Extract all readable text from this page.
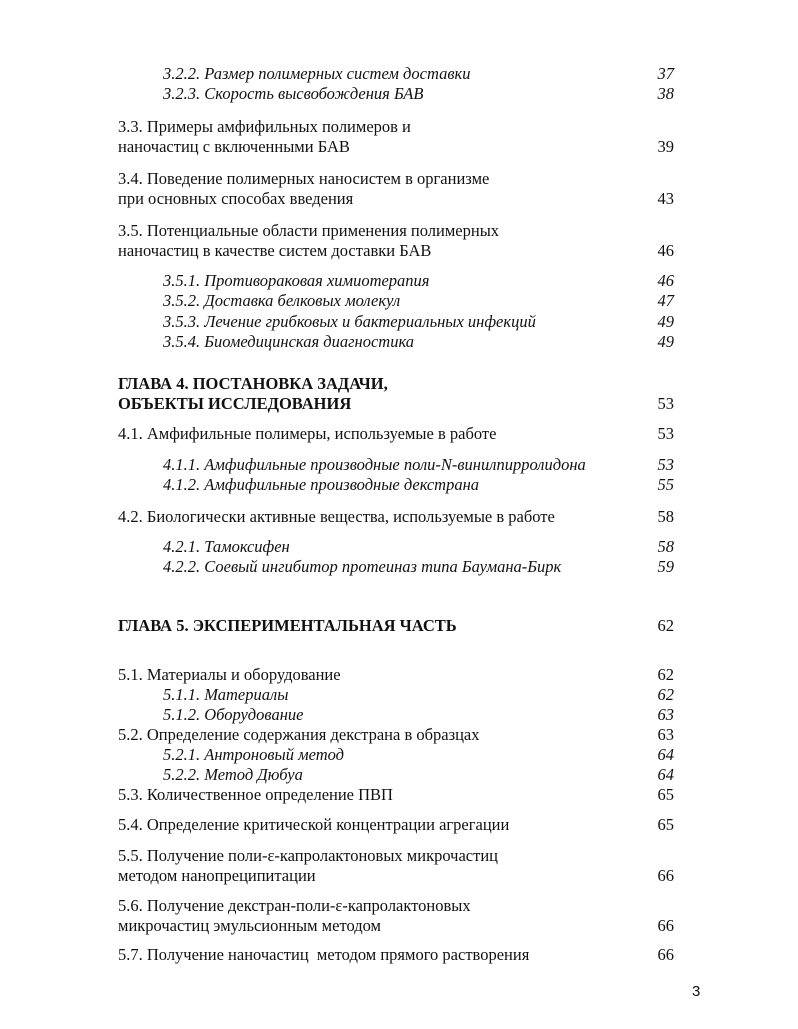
3.2.2. Размер полимерных систем доставки	37
3.2.3. Скорость высвобождения БАВ	38
3.3. Примеры амфифильных полимеров и
наночастиц с включенными БАВ	39
3.4. Поведение полимерных наносистем в организме
при основных способах введения	43
3.5. Потенциальные области применения полимерных
наночастиц в качестве систем доставки БАВ	46
3.5.1. Противораковая химиотерапия	46
3.5.2. Доставка белковых молекул	47
3.5.3. Лечение грибковых и бактериальных инфекций	49
3.5.4. Биомедицинская диагностика	49
ГЛАВА 4. ПОСТАНОВКА ЗАДАЧИ,
ОБЪЕКТЫ ИССЛЕДОВАНИЯ	53
4.1. Амфифильные полимеры, используемые в работе	53
4.1.1. Амфифильные производные поли-N-винилпирролидона	53
4.1.2. Амфифильные производные декстрана	55
4.2. Биологически активные вещества, используемые в работе	58
4.2.1. Тамоксифен	58
4.2.2. Соевый ингибитор протеиназ типа Баумана-Бирк	59
ГЛАВА 5. ЭКСПЕРИМЕНТАЛЬНАЯ ЧАСТЬ	62
5.1. Материалы и оборудование	62
5.1.1. Материалы	62
5.1.2. Оборудование	63
5.2. Определение содержания декстрана в образцах	63
5.2.1. Антроновый метод	64
5.2.2. Метод Дюбуа	64
5.3. Количественное определение ПВП	65
5.4. Определение критической концентрации агрегации	65
5.5. Получение поли-ε-капролактоновых микрочастиц
методом нанопреципитации	66
5.6. Получение декстран-поли-ε-капролактоновых
микрочастиц эмульсионным методом	66
5.7. Получение наночастиц  методом прямого растворения	66
3
